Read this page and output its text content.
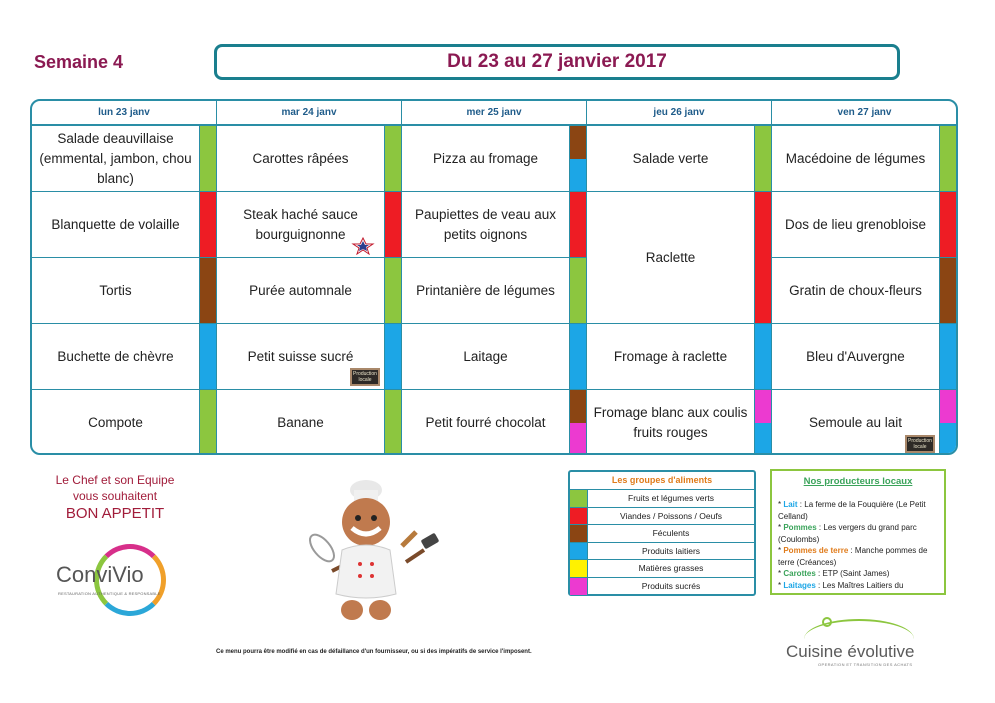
Semaine 4	Du 23 au 27 janvier 2017
lun 23 janv
Salade deauvillaise (emmental, jambon, chou blanc)
Blanquette de volaille
Tortis
Buchette de chèvre
Compote
mar 24 janv
Carottes râpées
Steak haché sauce bourguignonne
Purée automnale
Petit suisse sucré
Production locale
Banane
mer 25 janv
Pizza au fromage
Paupiettes de veau aux petits oignons
Printanière de légumes
Laitage
Petit fourré chocolat
jeu 26 janv
Salade verte
Raclette
Fromage à raclette
Fromage blanc aux coulis fruits rouges
ven 27 janv
Macédoine de légumes
Dos de lieu grenobloise
Gratin de choux-fleurs
Bleu d'Auvergne
Semoule au lait
Production locale
Le Chef et son Equipe
vous souhaitent
BON APPETIT
ConviVio
RESTAURATION AUTHENTIQUE & RESPONSABLE
Les groupes d'aliments
Fruits et légumes verts
Viandes / Poissons / Oeufs
Féculents
Produits laitiers
Matières grasses
Produits sucrés
Nos producteurs locaux
* Lait : La ferme de la Fouquière (Le Petit Celland)
* Pommes : Les vergers du grand parc (Coulombs)
* Pommes de terre : Manche pommes de terre (Créances)
* Carottes : ETP (Saint James)
* Laitages : Les Maîtres Laitiers du
Ce menu pourra être modifié en cas de défaillance d'un fournisseur, ou si des impératifs de service l'imposent.	Cuisine évolutive
OPERATION ET TRANSITION DES ACHATS
